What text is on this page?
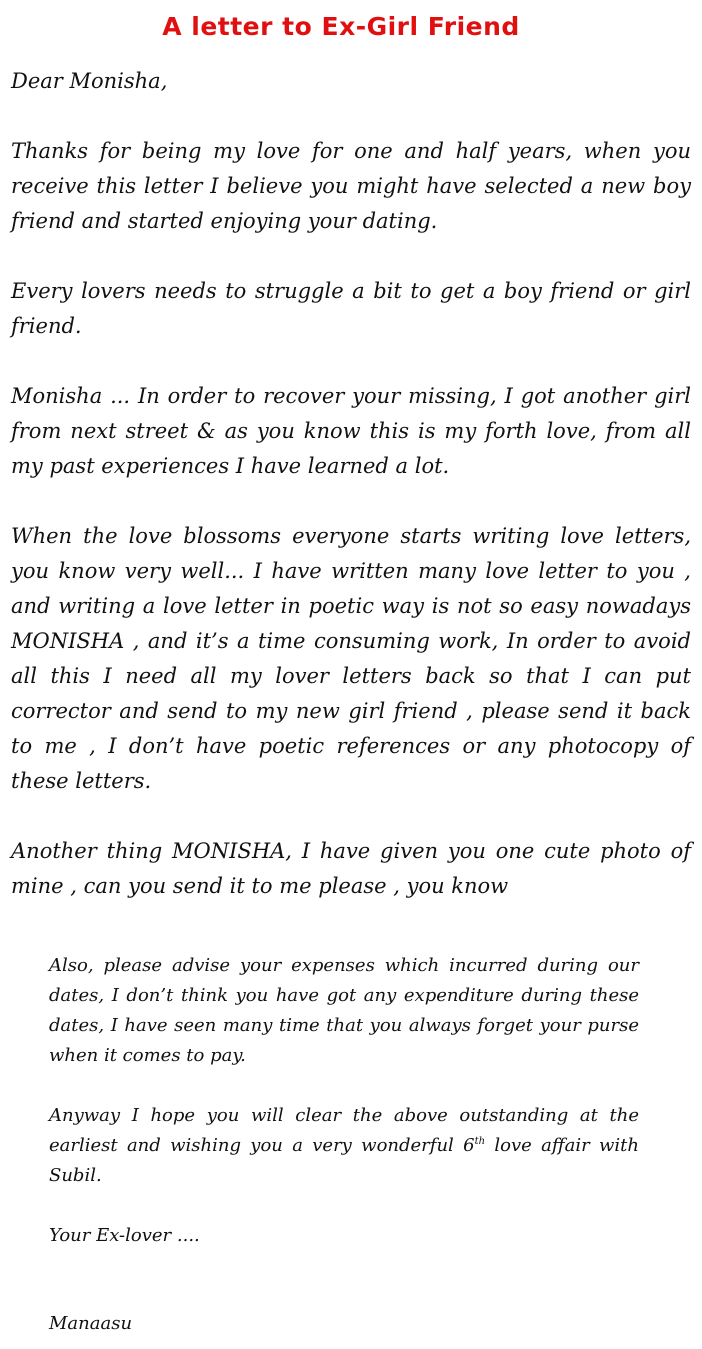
A letter to Ex-Girl Friend

Dear Monisha,

Thanks for being my love for one and half years, when you receive this letter I believe you might have selected a new boy friend and started enjoying your dating.

Every lovers needs to struggle a bit to get a boy friend or girl friend.

Monisha ... In order to recover your missing, I got another girl from next street & as you know this is my forth love, from all my past experiences I have learned a lot.

When the love blossoms everyone starts writing love letters, you know very well... I have written many love letter to you , and writing a love letter in poetic way is not so easy nowadays MONISHA , and it’s a time consuming work, In order to avoid all this I need all my lover letters back so that I can put corrector and send to my new girl friend , please send it back to me , I don’t have poetic references or any photocopy of these letters.

Another thing MONISHA, I have given you one cute photo of mine , can you send it to me please , you know

Also, please advise your expenses which incurred during our dates, I don’t think you have got any expenditure during these dates, I have seen many time that you always forget your purse when it comes to pay.

Anyway I hope you will clear the above outstanding at the earliest and wishing you a very wonderful 6th love affair with Subil.

Your Ex-lover ....

Manaasu
